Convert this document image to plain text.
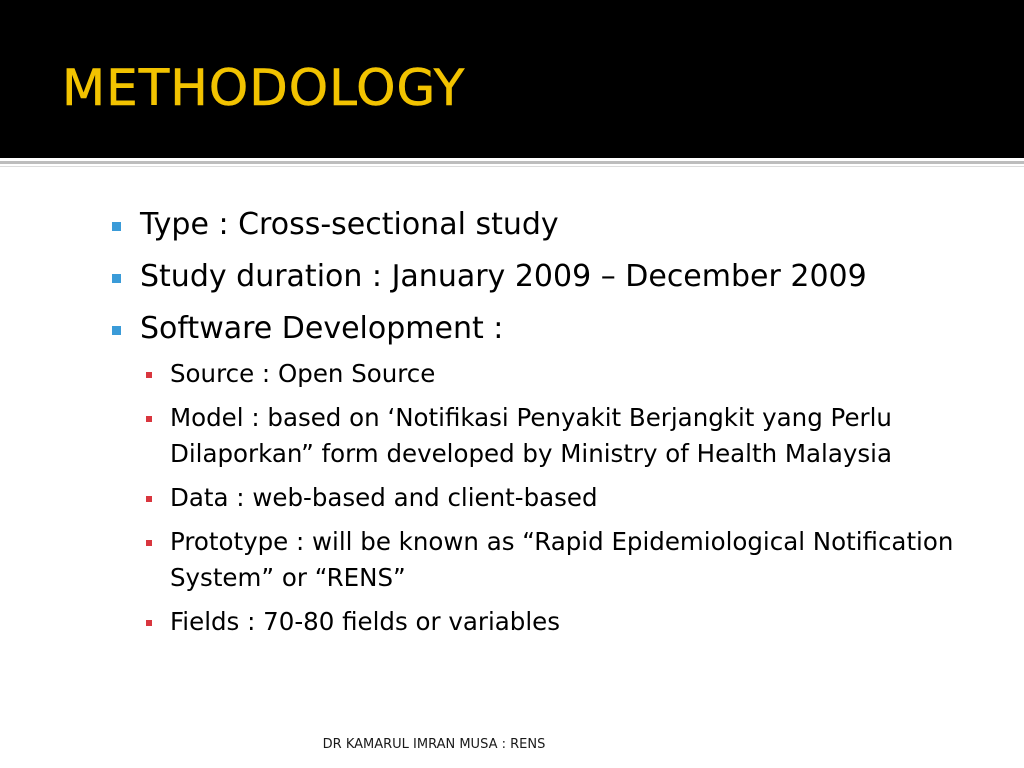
METHODOLOGY
Type : Cross-sectional study
Study duration : January 2009 – December 2009
Software Development :
Source : Open Source
Model : based on ‘Notifikasi Penyakit Berjangkit yang Perlu Dilaporkan” form developed by Ministry of Health Malaysia
Data : web-based and client-based
Prototype : will be known as “Rapid Epidemiological Notification System” or “RENS”
Fields : 70-80 fields or variables
DR KAMARUL IMRAN MUSA : RENS
